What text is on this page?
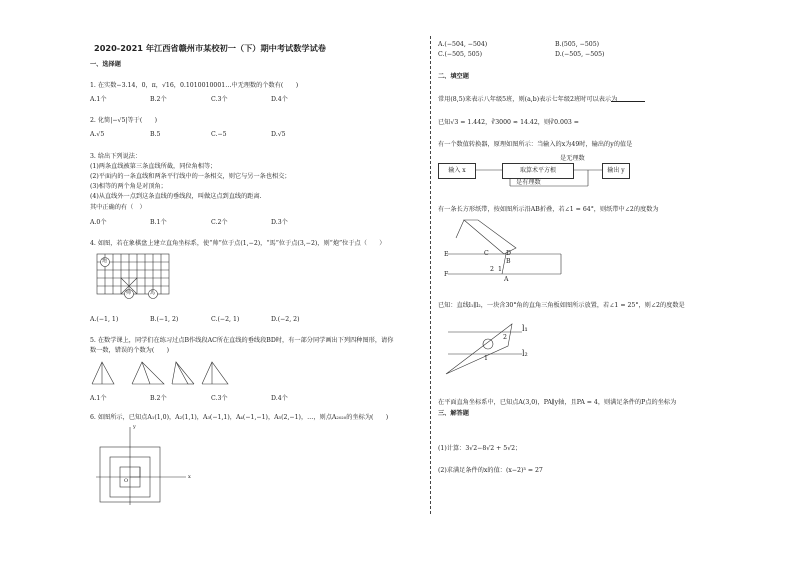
2020-2021 年江西省赣州市某校初一（下）期中考试数学试卷
一、选择题
1. 在实数−3.14，0，π，√16，0.1010010001…中无理数的个数有(　　)
A.1个	B.2个	C.3个	D.4个
2. 化简|−√5|等于(　　)
A.√5	B.5	C.−5	D.√5
3. 给出下列说法：
(1)两条直线被第三条直线所截，同位角相等；
(2)平面内的一条直线和两条平行线中的一条相交，则它与另一条也相交；
(3)相等的两个角是对顶角；
(4)从直线外一点到这条直线的垂线段，叫做这点到直线的距离.
其中正确的有（　）
A.0个	B.1个	C.2个	D.3个
4. 如图，若在象棋盘上建立直角坐标系，使“帅”位于点(1,−2)，“馬”位于点(3,−2)，则“炮”位于点（　　）
炮
帅	馬
A.(−1, 1)	B.(−1, 2)	C.(−2, 1)	D.(−2, 2)
5. 在数学课上，同学们在练习过点B作线段AC所在直线的垂线段BD时，有一部分同学画出下列四种图形，请你
数一数，错误的个数为(　　)
A.1个	B.2个	C.3个	D.4个
6. 如图所示，已知点A₁(1,0)，A₂(1,1)，A₃(−1,1)，A₄(−1,−1)，A₅(2,−1)，…，则点A₂₀₂₀的坐标为(　　)
x
y
O
A.(−504, −504)	B.(505, −505)
C.(−505, 505)	D.(−505, −505)
二、填空题
常用(8,5)来表示八年级5班，则(a,b)表示七年级2班时可以表示为
已知√3 = 1.442，∛3000 ≈ 14.42，则∛0.003 =
有一个数值转换器，原理如图所示：当输入的x为49时，输出的y的值是
输入 x	取算术平方根	输出 y
是无理数
是有理数
有一条长方形纸带，按如图所示沿AB折叠，若∠1 = 64°，则纸带中∠2的度数为
E
F
C	D
B
A
1
2
已知：直线l₁∥l₂，一块含30°角的直角三角板如图所示放置，若∠1 = 25°，则∠2的度数是
l₁
l₂
2
1
在平面直角坐标系中，已知点A(3,0)，PA∥y轴，且PA = 4，则满足条件的P点的坐标为
三、解答题
(1)计算：3√2−8√2 + 5√2；
(2)求满足条件的x的值：(x−2)³ = 27
